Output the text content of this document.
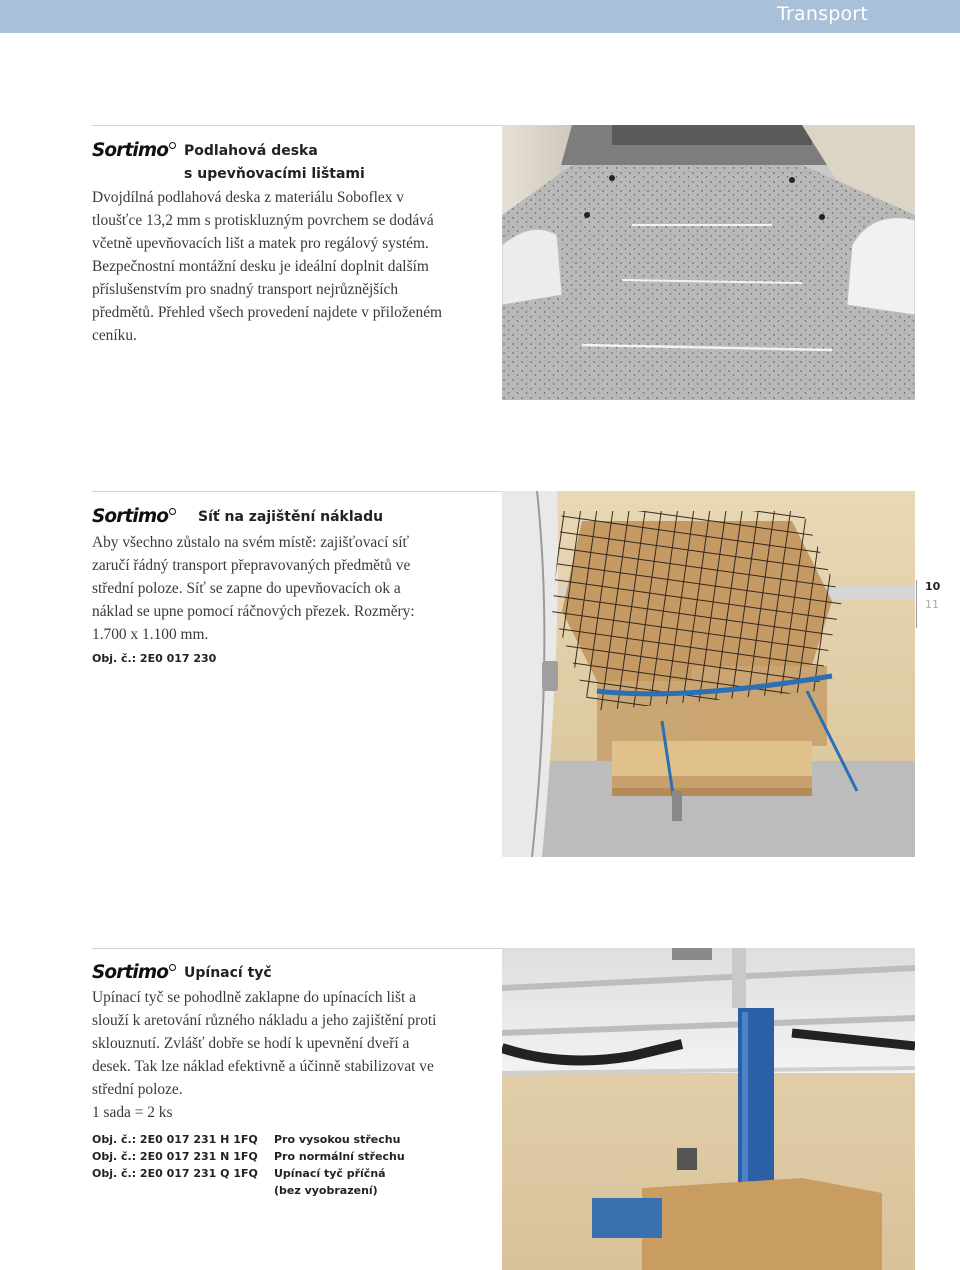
Transport
Sortimo Podlahová deska
s upevňovacími lištami

Dvojdílná podlahová deska z materiálu Soboflex v tloušťce 13,2 mm s protiskluzným povrchem se dodává včetně upevňovacích lišt a matek pro regálový systém. Bezpečnostní montážní desku je ideální doplnit dalším příslušenstvím pro snadný transport nejrůznějších předmětů. Přehled všech provedení najdete v přiloženém ceníku.

Sortimo Síť na zajištění nákladu

Aby všechno zůstalo na svém místě: zajišťovací síť zaručí řádný transport přepravovaných předmětů ve střední poloze. Síť se zapne do upevňovacích ok a náklad se upne pomocí ráčnových přezek. Rozměry: 1.700 x 1.100 mm.

Obj. č.: 2E0 017 230
10
11
Sortimo Upínací tyč

Upínací tyč se pohodlně zaklapne do upínacích lišt a slouží k aretování různého nákladu a jeho zajištění proti sklouznutí. Zvlášť dobře se hodí k upevnění dveří a desek. Tak lze náklad efektivně a účinně stabilizovat ve střední poloze.

1 sada = 2 ks

Obj. č.: 2E0 017 231 H 1FQ	Pro vysokou střechu
Obj. č.: 2E0 017 231 N 1FQ	Pro normální střechu
Obj. č.: 2E0 017 231 Q 1FQ	Upínací tyč příčná
(bez vyobrazení)
